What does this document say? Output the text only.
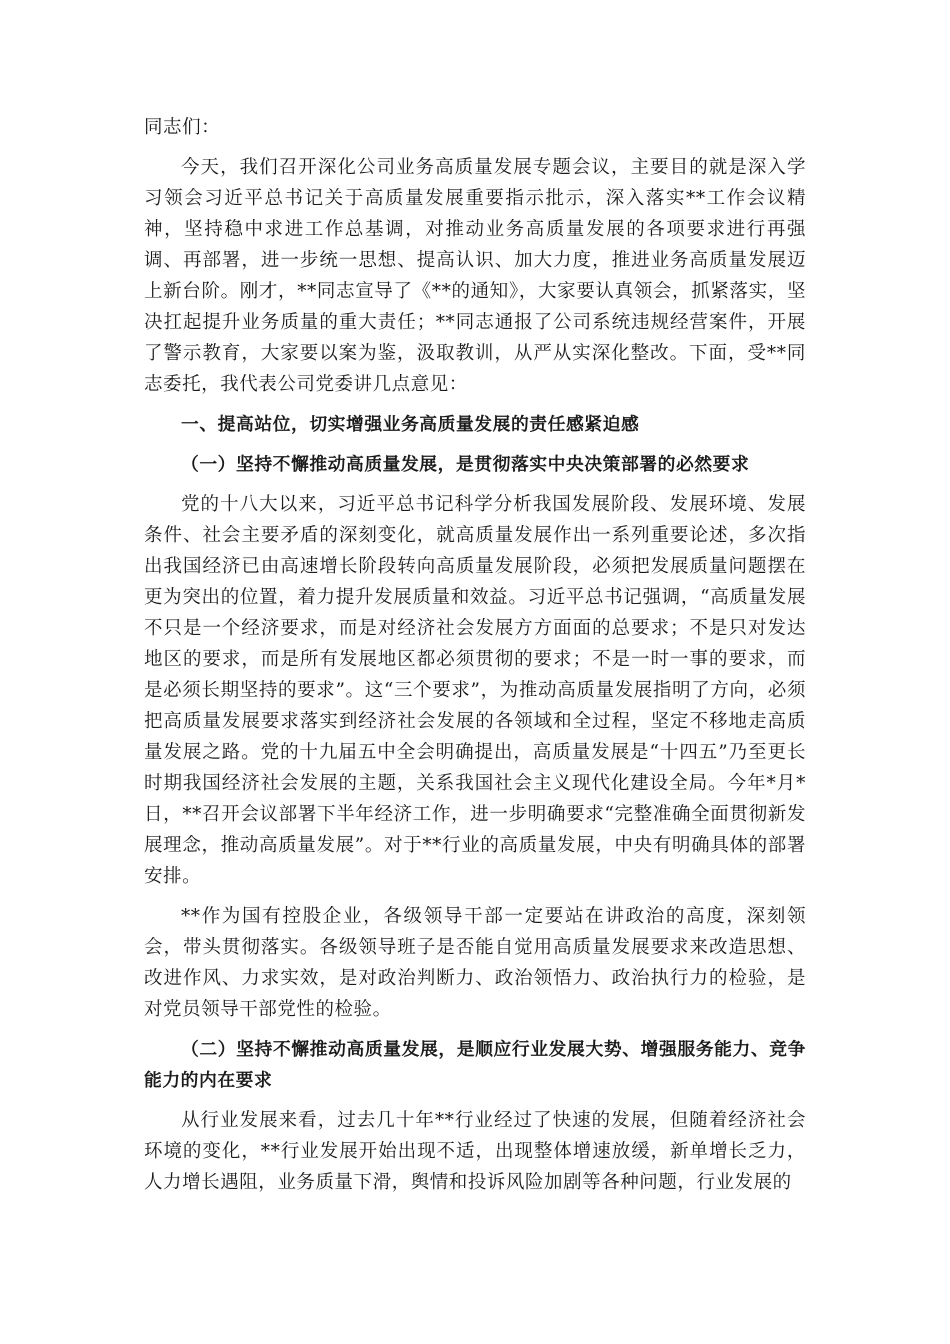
同志们：

今天，我们召开深化公司业务高质量发展专题会议，主要目的就是深入学习领会习近平总书记关于高质量发展重要指示批示，深入落实**工作会议精神，坚持稳中求进工作总基调，对推动业务高质量发展的各项要求进行再强调、再部署，进一步统一思想、提高认识、加大力度，推进业务高质量发展迈上新台阶。刚才，**同志宣导了《**的通知》，大家要认真领会，抓紧落实，坚决扛起提升业务质量的重大责任；**同志通报了公司系统违规经营案件，开展了警示教育，大家要以案为鉴，汲取教训，从严从实深化整改。下面，受**同志委托，我代表公司党委讲几点意见：

一、提高站位，切实增强业务高质量发展的责任感紧迫感

（一）坚持不懈推动高质量发展，是贯彻落实中央决策部署的必然要求

党的十八大以来，习近平总书记科学分析我国发展阶段、发展环境、发展条件、社会主要矛盾的深刻变化，就高质量发展作出一系列重要论述，多次指出我国经济已由高速增长阶段转向高质量发展阶段，必须把发展质量问题摆在更为突出的位置，着力提升发展质量和效益。习近平总书记强调，“高质量发展不只是一个经济要求，而是对经济社会发展方方面面的总要求；不是只对发达地区的要求，而是所有发展地区都必须贯彻的要求；不是一时一事的要求，而是必须长期坚持的要求”。这“三个要求”，为推动高质量发展指明了方向，必须把高质量发展要求落实到经济社会发展的各领域和全过程，坚定不移地走高质量发展之路。党的十九届五中全会明确提出，高质量发展是“十四五”乃至更长时期我国经济社会发展的主题，关系我国社会主义现代化建设全局。今年*月*日，**召开会议部署下半年经济工作，进一步明确要求“完整准确全面贯彻新发展理念，推动高质量发展”。对于**行业的高质量发展，中央有明确具体的部署安排。

**作为国有控股企业，各级领导干部一定要站在讲政治的高度，深刻领会，带头贯彻落实。各级领导班子是否能自觉用高质量发展要求来改造思想、改进作风、力求实效，是对政治判断力、政治领悟力、政治执行力的检验，是对党员领导干部党性的检验。

（二）坚持不懈推动高质量发展，是顺应行业发展大势、增强服务能力、竞争能力的内在要求

从行业发展来看，过去几十年**行业经过了快速的发展，但随着经济社会环境的变化，**行业发展开始出现不适，出现整体增速放缓，新单增长乏力，人力增长遇阻，业务质量下滑，舆情和投诉风险加剧等各种问题，行业发展的
